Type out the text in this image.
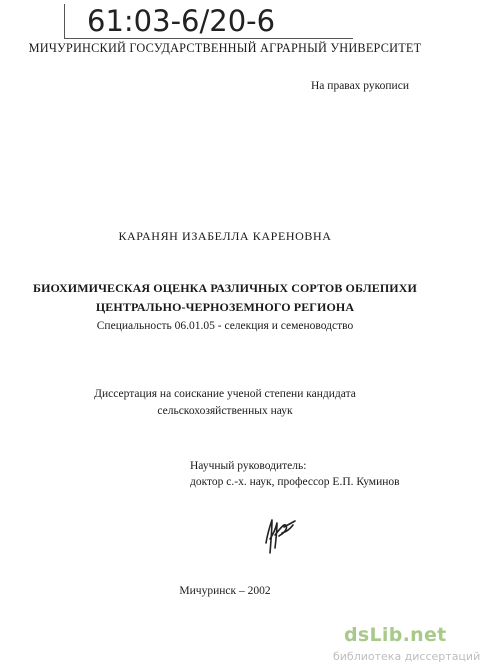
61:03-6/20-6
МИЧУРИНСКИЙ ГОСУДАРСТВЕННЫЙ АГРАРНЫЙ УНИВЕРСИТЕТ
На правах рукописи
КАРАНЯН ИЗАБЕЛЛА КАРЕНОВНА
БИОХИМИЧЕСКАЯ ОЦЕНКА РАЗЛИЧНЫХ СОРТОВ ОБЛЕПИХИ
ЦЕНТРАЛЬНО-ЧЕРНОЗЕМНОГО РЕГИОНА
Специальность 06.01.05 - селекция и семеноводство
Диссертация на соискание ученой степени кандидата
сельскохозяйственных наук
Научный руководитель:
доктор с.-х. наук, профессор Е.П. Куминов
Мичуринск – 2002
dsLib.net
библиотека диссертаций
